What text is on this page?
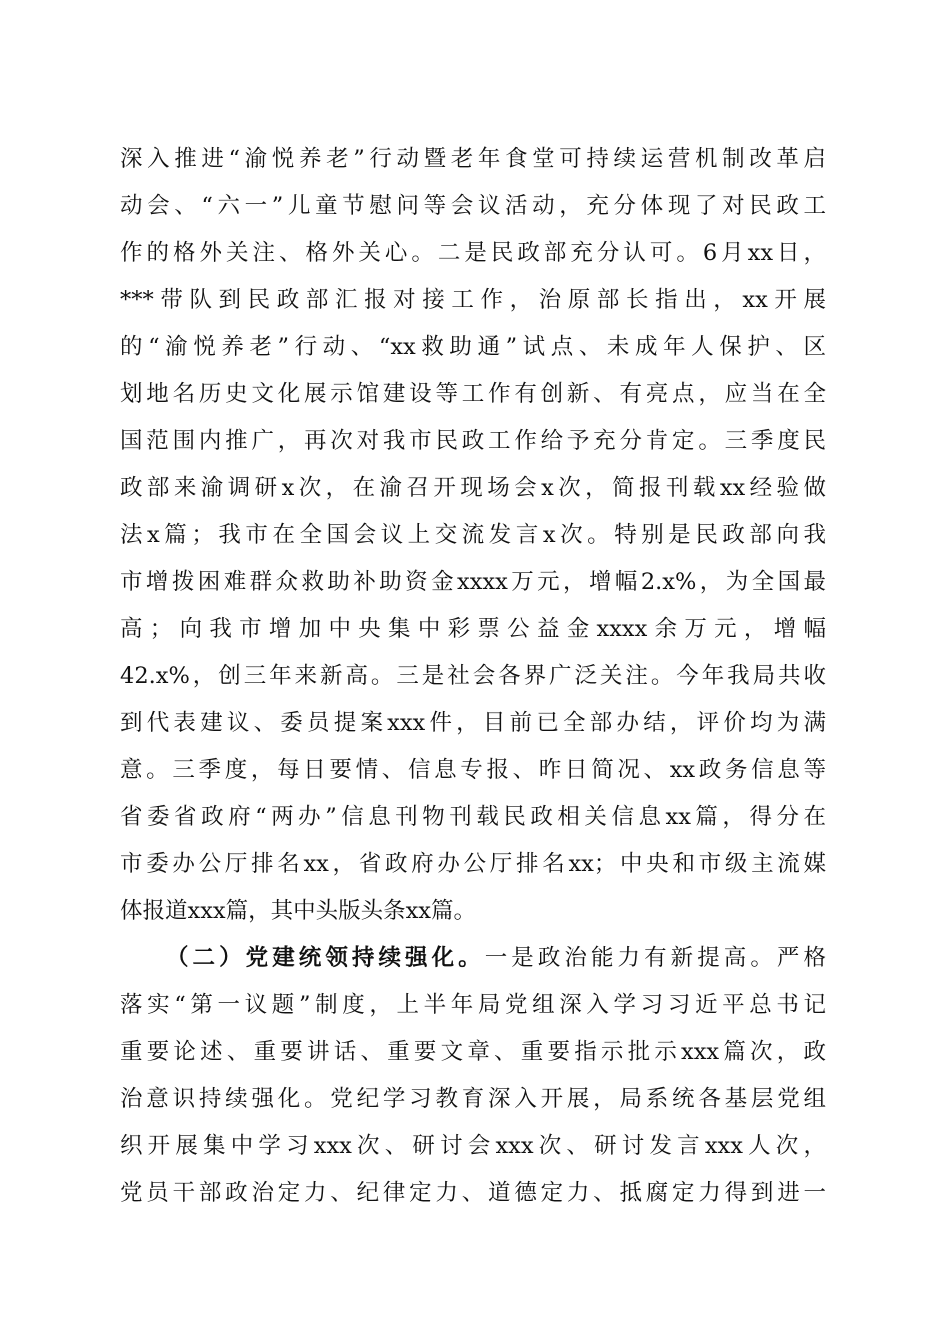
深入推进“渝悦养老”行动暨老年食堂可持续运营机制改革启
动会、“六一”儿童节慰问等会议活动，充分体现了对民政工
作的格外关注、格外关心。二是民政部充分认可。6月xx日，
***带队到民政部汇报对接工作，治原部长指出，xx开展
的“渝悦养老”行动、“xx救助通”试点、未成年人保护、区
划地名历史文化展示馆建设等工作有创新、有亮点，应当在全
国范围内推广，再次对我市民政工作给予充分肯定。三季度民
政部来渝调研x次，在渝召开现场会x次，简报刊载xx经验做
法x篇；我市在全国会议上交流发言x次。特别是民政部向我
市增拨困难群众救助补助资金xxxx万元，增幅2.x%，为全国最
高；向我市增加中央集中彩票公益金xxxx余万元，增幅
42.x%，创三年来新高。三是社会各界广泛关注。今年我局共收
到代表建议、委员提案xxx件，目前已全部办结，评价均为满
意。三季度，每日要情、信息专报、昨日简况、xx政务信息等
省委省政府“两办”信息刊物刊载民政相关信息xx篇，得分在
市委办公厅排名xx，省政府办公厅排名xx；中央和市级主流媒
体报道xxx篇，其中头版头条xx篇。
（二）党建统领持续强化。一是政治能力有新提高。严格
落实“第一议题”制度，上半年局党组深入学习习近平总书记
重要论述、重要讲话、重要文章、重要指示批示xxx篇次，政
治意识持续强化。党纪学习教育深入开展，局系统各基层党组
织开展集中学习xxx次、研讨会xxx次、研讨发言xxx人次，
党员干部政治定力、纪律定力、道德定力、抵腐定力得到进一
